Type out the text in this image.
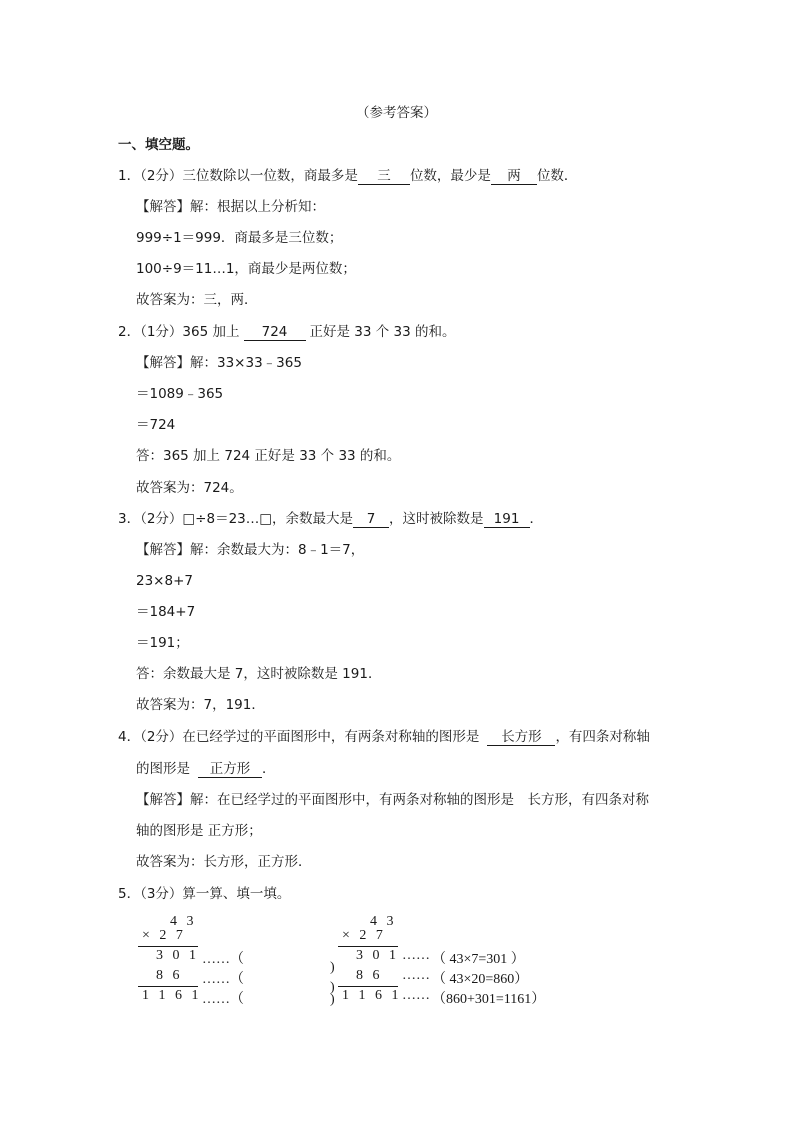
（参考答案）
一、填空题。
1．（2分）三位数除以一位数，商最多是 三 位数，最少是 两 位数．
【解答】解：根据以上分析知：
999÷1＝999．商最多是三位数；
100÷9＝11…1，商最少是两位数；
故答案为：三，两．
2．（1分）365 加上 724 正好是 33 个 33 的和。
【解答】解：33×33﹣365
＝1089﹣365
＝724
答：365 加上 724 正好是 33 个 33 的和。
故答案为：724。
3．（2分）□÷8＝23…□，余数最大是 7 ，这时被除数是 191 ．
【解答】解：余数最大为：8﹣1＝7，
23×8+7
＝184+7
＝191；
答：余数最大是 7，这时被除数是 191．
故答案为：7，191．
4．（2分）在已经学过的平面图形中，有两条对称轴的图形是 长方形 ，有四条对称轴
的图形是 正方形 ．
【解答】解：在已经学过的平面图形中，有两条对称轴的图形是　长方形，有四条对称
轴的图形是 正方形；
故答案为：长方形，正方形．
5．（3分）算一算、填一填。
4 3
× 2 7
3 0 1 ……（
8 6 ……（
1 1 6 1 ……（
)
)
)
4 3
× 2 7
3 0 1 …… （ 43×7=301 ）
8 6 …… （ 43×20=860）
1 1 6 1 …… （860+301=1161）
